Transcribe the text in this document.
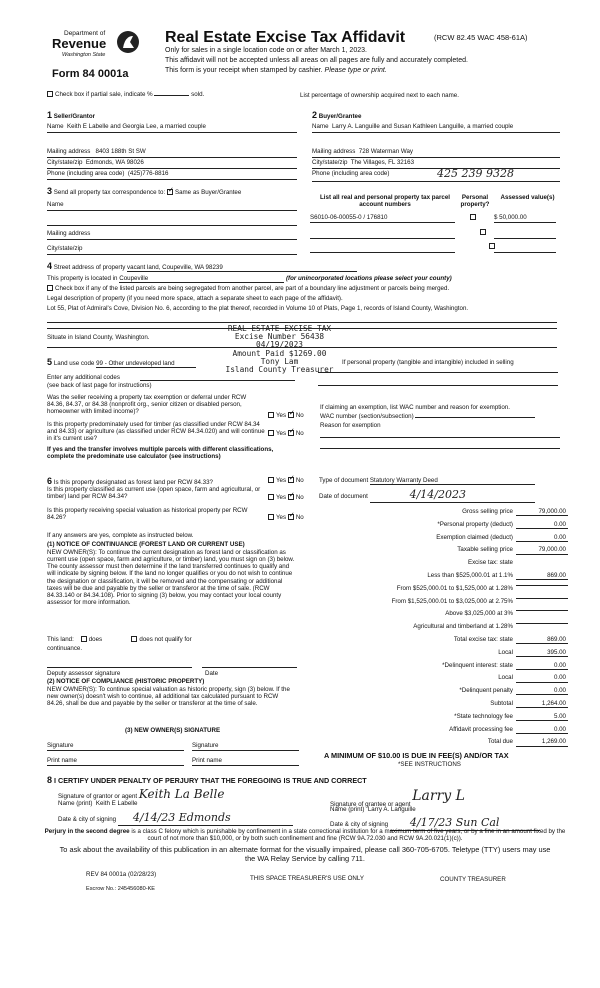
Department of
Revenue
Washington State
Form 84 0001a
Real Estate Excise Tax Affidavit	(RCW 82.45 WAC 458-61A)
Only for sales in a single location code on or after March 1, 2023.
This affidavit will not be accepted unless all areas on all pages are fully and accurately completed.
This form is your receipt when stamped by cashier. Please type or print.
Check box if partial sale, indicate %	sold.	List percentage of ownership acquired next to each name.
1 Seller/Grantor
Name Keith E Labelle and Georgia Lee, a married couple
Mailing address 8403 188th St SW
City/state/zip Edmonds, WA 98026
Phone (including area code) (425)776-8816
2 Buyer/Grantee
Name Larry A. Languille and Susan Kathleen Languille, a married couple
Mailing address 728 Waterman Way
City/state/zip The Villages, FL 32163
Phone (including area code)	425 239 9328
3 Send all property tax correspondence to: ✓ Same as Buyer/Grantee
Name
Mailing address
City/state/zip
List all real and personal property tax parcel account numbers
Personal property?
Assessed value(s)
S6010-06-00055-0 / 176810
	$ 50,000.00

4 Street address of property vacant land, Coupeville, WA 98239
This property is located in Coupeville	(for unincorporated locations please select your county)
Check box if any of the listed parcels are being segregated from another parcel, are part of a boundary line adjustment or parcels being merged.
Legal description of property (if you need more space, attach a separate sheet to each page of the affidavit).
Lot 55, Plat of Admiral's Cove, Division No. 6, according to the plat thereof, recorded in Volume 10 of Plats, Page 1, records of Island County, Washington.
Situate in Island County, Washington.
REAL ESTATE EXCISE TAX
Excise Number 56438
04/19/2023
Amount Paid $1269.00
Tony Lam
Island County Treasurer
5 Land use code 99 - Other undeveloped land	If personal property (tangible and intangible) included in selling
Enter any additional codes
(see back of last page for instructions)
Was the seller receiving a property tax exemption or deferral under RCW 84.36, 84.37, or 84.38 (nonprofit org., senior citizen or disabled person, homeowner with limited income)?
Yes ✓ No
Is this property predominately used for timber (as classified under RCW 84.34 and 84.33) or agriculture (as classified under RCW 84.34.020) and will continue in it's current use?
If yes and the transfer involves multiple parcels with different classifications, complete the predominate use calculator (see instructions)
Yes ✓ No
If claiming an exemption, list WAC number and reason for exemption.
WAC number (section/subsection)
Reason for exemption
6 Is this property designated as forest land per RCW 84.33?	Yes ✓ No
Is this property classified as current use (open space, farm and agricultural, or timber) land per RCW 84.34?	Yes ✓ No
Is this property receiving special valuation as historical property per RCW 84.26?	Yes ✓ No
Type of document Statutory Warranty Deed
Date of document	4/14/2023
If any answers are yes, complete as instructed below.
(1) NOTICE OF CONTINUANCE (FOREST LAND OR CURRENT USE)
NEW OWNER(S): To continue the current designation as forest land or classification as current use (open space, farm and agriculture, or timber) land, you must sign on (3) below. The county assessor must then determine if the land transferred continues to qualify and will indicate by signing below. If the land no longer qualifies or you do not wish to continue the designation or classification, it will be removed and the compensating or additional taxes will be due and payable by the seller or transferor at the time of sale. (RCW 84.33.140 or 84.34.108). Prior to signing (3) below, you may contact your local county assessor for more information.
This land: does	does not qualify for
continuance.
Deputy assessor signature	Date
(2) NOTICE OF COMPLIANCE (HISTORIC PROPERTY)
NEW OWNER(S): To continue special valuation as historic property, sign (3) below. If the new owner(s) doesn't wish to continue, all additional tax calculated pursuant to RCW 84.26, shall be due and payable by the seller or transferor at the time of sale.
(3) NEW OWNER(S) SIGNATURE
Signature	Signature
Print name	Print name
Gross selling price	79,000.00
*Personal property (deduct)	0.00
Exemption claimed (deduct)	0.00
Taxable selling price	79,000.00
Excise tax: state
Less than $525,000.01 at 1.1%	869.00
From $525,000.01 to $1,525,000 at 1.28%
From $1,525,000.01 to $3,025,000 at 2.75%
Above $3,025,000 at 3%
Agricultural and timberland at 1.28%
Total excise tax: state	869.00
Local	395.00
*Delinquent interest: state	0.00
Local	0.00
*Delinquent penalty	0.00
Subtotal	1,264.00
*State technology fee	5.00
Affidavit processing fee	0.00
Total due	1,269.00
A MINIMUM OF $10.00 IS DUE IN FEE(S) AND/OR TAX
*SEE INSTRUCTIONS
8 I CERTIFY UNDER PENALTY OF PERJURY THAT THE FOREGOING IS TRUE AND CORRECT
Signature of grantor or agent Keith La Belle
Name (print) Keith E Labelle
Date & city of signing 4/14/23 Edmonds
Signature of grantee or agent Larry L
Name (print) Larry A. Languille
Date & city of signing 4/17/23 Sun Cal
Perjury in the second degree is a class C felony which is punishable by confinement in a state correctional institution for a maximum term of five years, or by a fine in an amount fixed by the court of not more than $10,000, or by both such confinement and fine (RCW 9A.72.030 and RCW 9A.20.021(1)(c)).
To ask about the availability of this publication in an alternate format for the visually impaired, please call 360-705-6705. Teletype (TTY) users may use the WA Relay Service by calling 711.
REV 84 0001a (02/28/23)
THIS SPACE TREASURER'S USE ONLY	COUNTY TREASURER
Escrow No.: 245456080-KE
